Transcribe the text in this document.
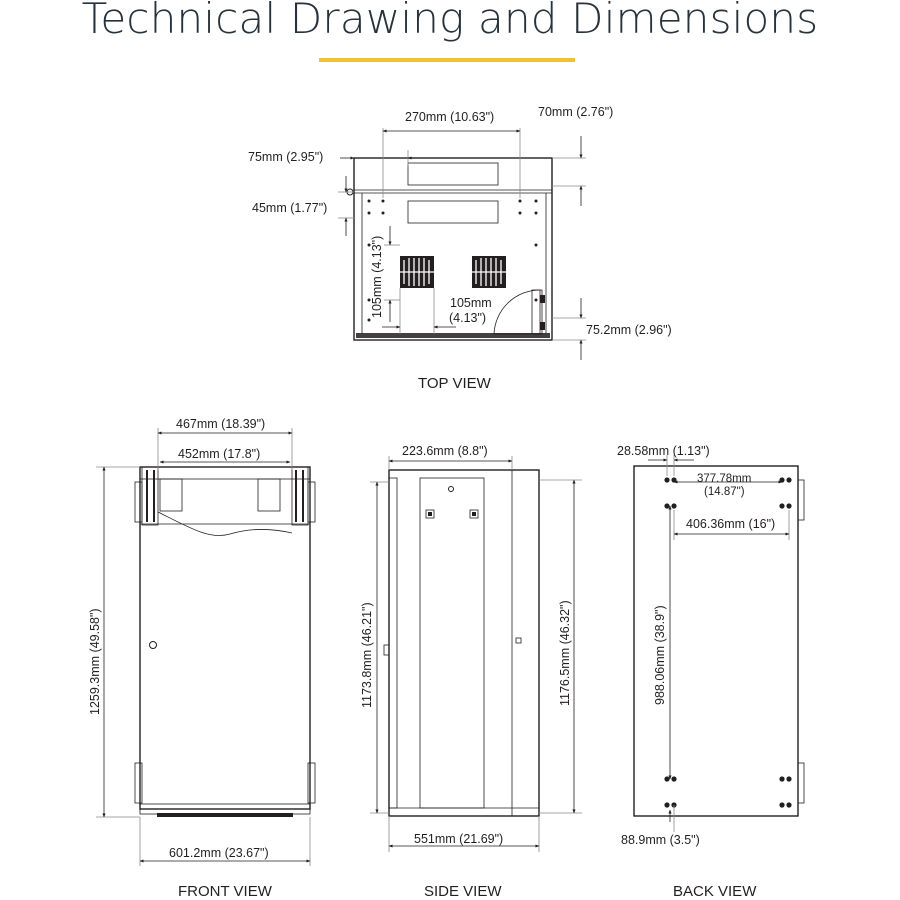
Technical Drawing and Dimensions
270mm (10.63")	70mm (2.76")
75mm (2.95")
45mm (1.77")
105mm (4.13")	105mm
(4.13")
75.2mm (2.96")
TOP VIEW
467mm (18.39")
452mm (17.8")
1259.3mm (49.58")
601.2mm (23.67")
FRONT VIEW
223.6mm (8.8")
1173.8mm (46.21")	1176.5mm (46.32")
551mm (21.69")
SIDE VIEW
28.58mm (1.13")
377.78mm
(14.87")
406.36mm (16")
988.06mm (38.9")
88.9mm (3.5")
BACK VIEW
